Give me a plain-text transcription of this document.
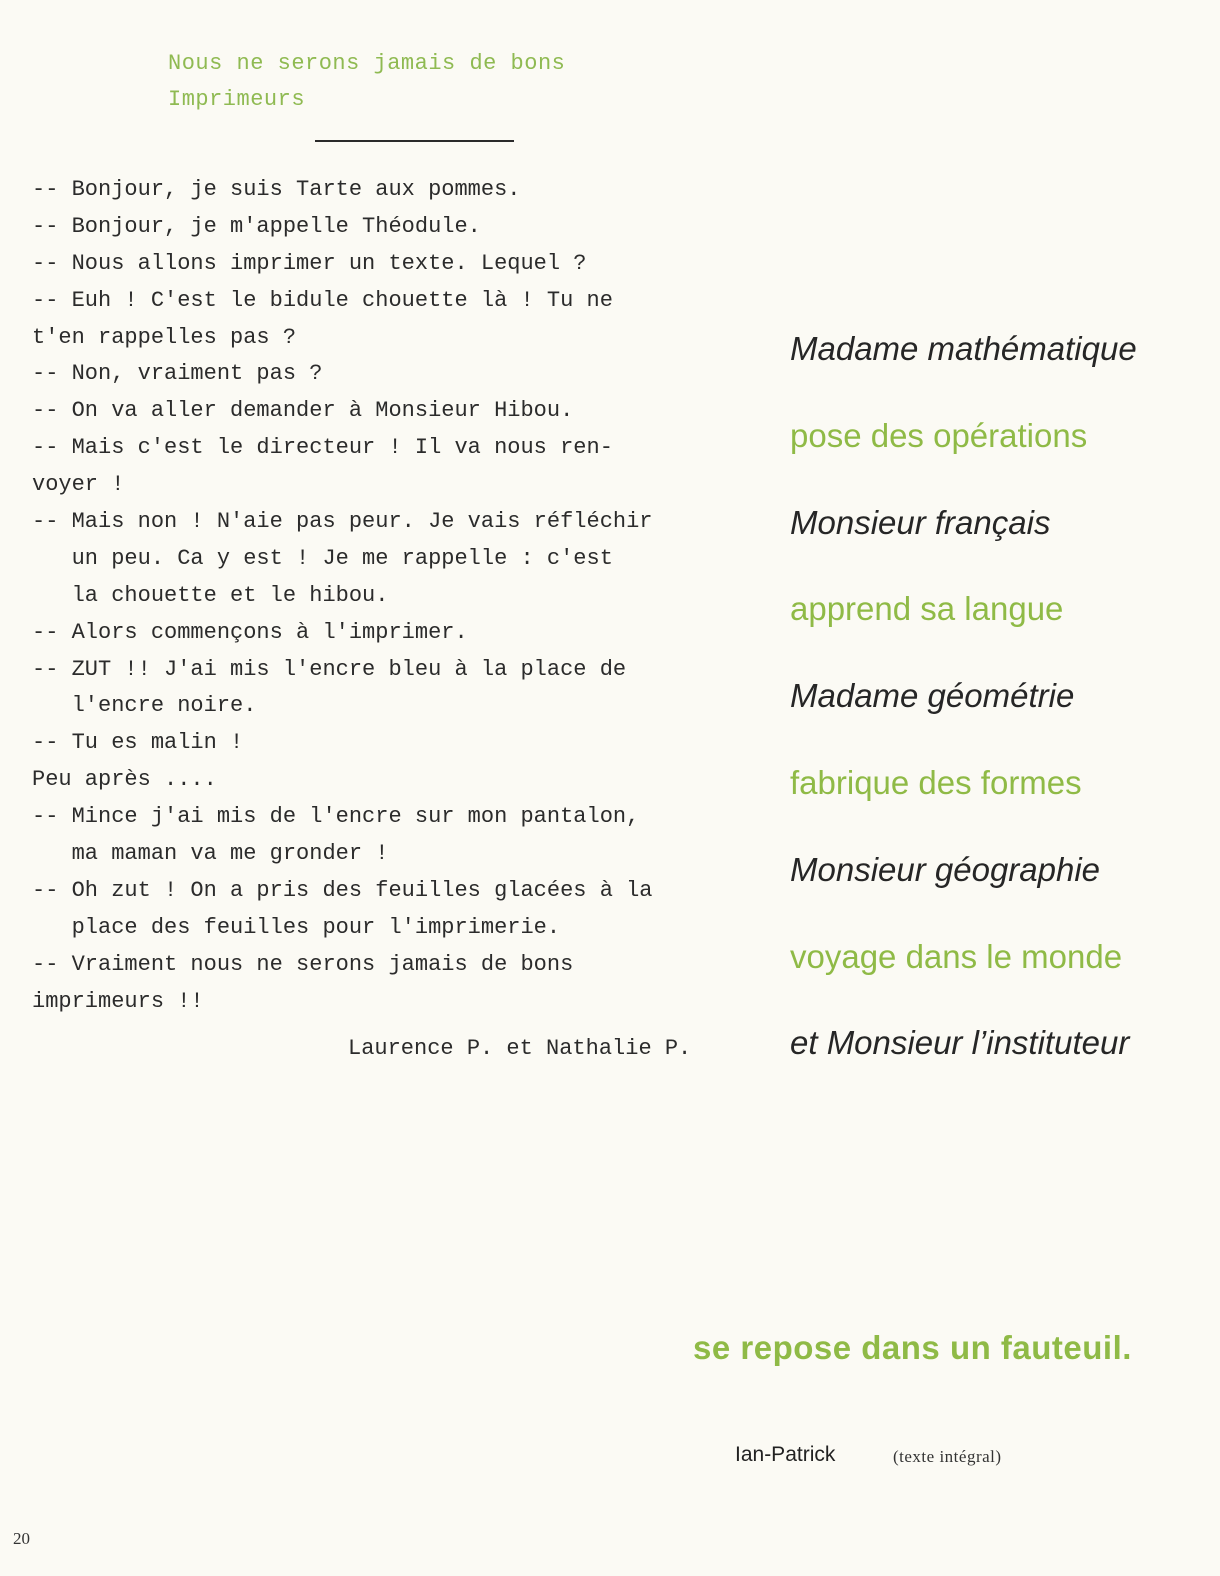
Nous ne serons jamais de bons
Imprimeurs
-- Bonjour, je suis Tarte aux pommes.
-- Bonjour, je m'appelle Théodule.
-- Nous allons imprimer un texte. Lequel ?
-- Euh ! C'est le bidule chouette là ! Tu ne
t'en rappelles pas ?
-- Non, vraiment pas ?
-- On va aller demander à Monsieur Hibou.
-- Mais c'est le directeur ! Il va nous ren-
voyer !
-- Mais non ! N'aie pas peur. Je vais réfléchir
un peu. Ca y est ! Je me rappelle : c'est
la chouette et le hibou.
-- Alors commençons à l'imprimer.
-- ZUT !! J'ai mis l'encre bleu à la place de
l'encre noire.
-- Tu es malin !
Peu après ....
-- Mince j'ai mis de l'encre sur mon pantalon,
ma maman va me gronder !
-- Oh zut ! On a pris des feuilles glacées à la
place des feuilles pour l'imprimerie.
-- Vraiment nous ne serons jamais de bons
imprimeurs !!
Laurence P. et Nathalie P.
Madame mathématique
pose des opérations
Monsieur français
apprend sa langue
Madame géométrie
fabrique des formes
Monsieur géographie
voyage dans le monde
et Monsieur l’instituteur
se repose dans un fauteuil.
Ian-Patrick	(texte intégral)
20
